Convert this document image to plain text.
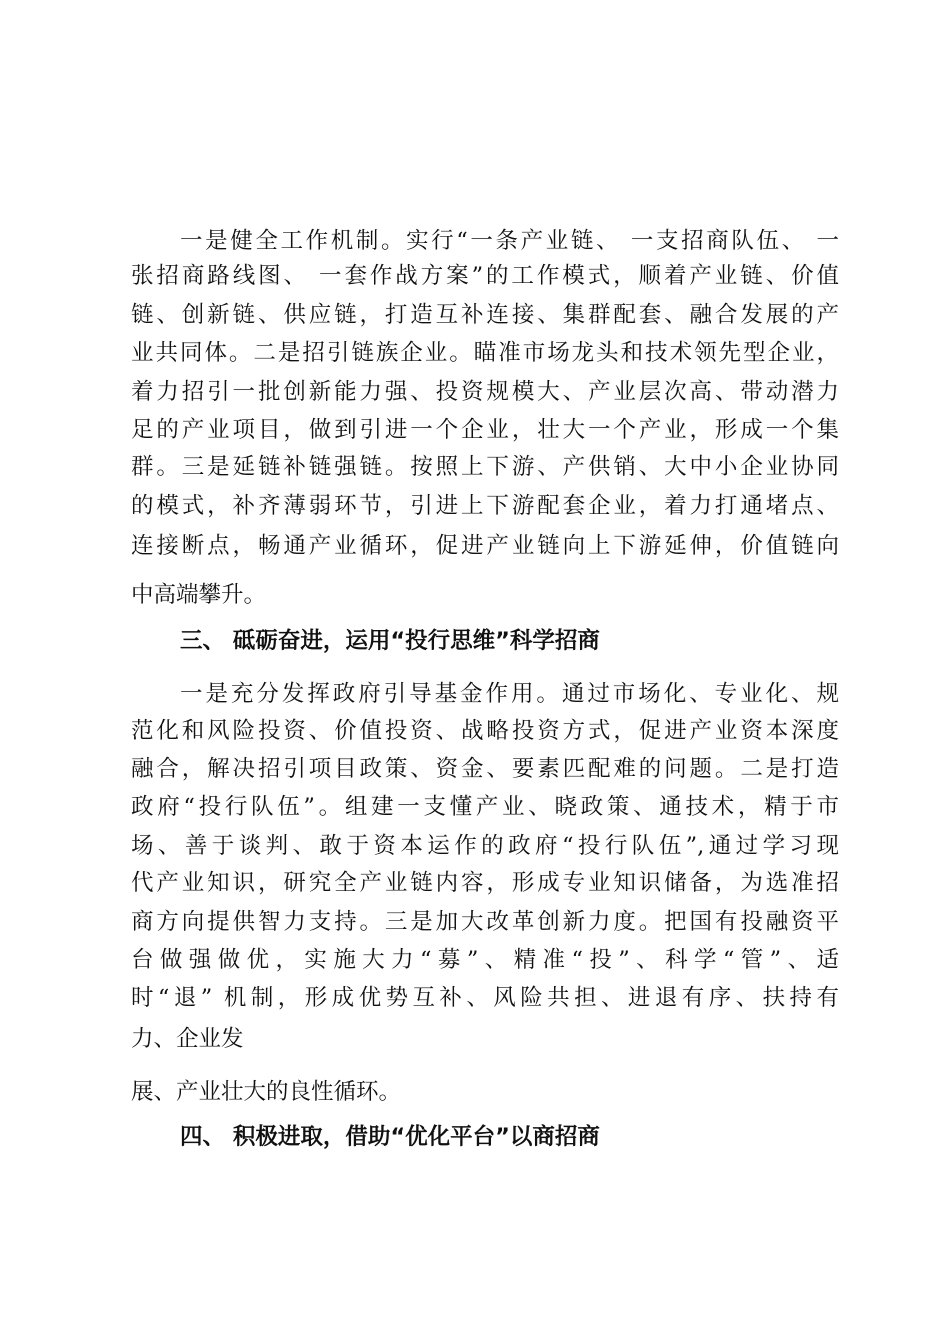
一是健全工作机制。实行“一条产业链、 一支招商队伍、 一
张招商路线图、 一套作战方案”的工作模式，顺着产业链、价值
链、创新链、供应链，打造互补连接、集群配套、融合发展的产
业共同体。二是招引链族企业。瞄准市场龙头和技术领先型企业，
着力招引一批创新能力强、投资规模大、产业层次高、带动潜力
足的产业项目，做到引进一个企业，壮大一个产业，形成一个集
群。三是延链补链强链。按照上下游、产供销、大中小企业协同
的模式，补齐薄弱环节，引进上下游配套企业，着力打通堵点、
连接断点，畅通产业循环，促进产业链向上下游延伸，价值链向
中高端攀升。
三、 砥砺奋进，运用“投行思维”科学招商
一是充分发挥政府引导基金作用。通过市场化、专业化、规
范化和风险投资、价值投资、战略投资方式，促进产业资本深度
融合，解决招引项目政策、资金、要素匹配难的问题。二是打造
政府“投行队伍”。组建一支懂产业、晓政策、通技术，精于市
场、善于谈判、敢于资本运作的政府“投行队伍”,通过学习现
代产业知识，研究全产业链内容，形成专业知识储备，为选准招
商方向提供智力支持。三是加大改革创新力度。把国有投融资平
台做强做优，实施大力“募”、精准“投”、科学“管”、适
时“退” 机制，形成优势互补、风险共担、进退有序、扶持有
力、企业发
展、产业壮大的良性循环。
四、 积极进取，借助“优化平台”以商招商
